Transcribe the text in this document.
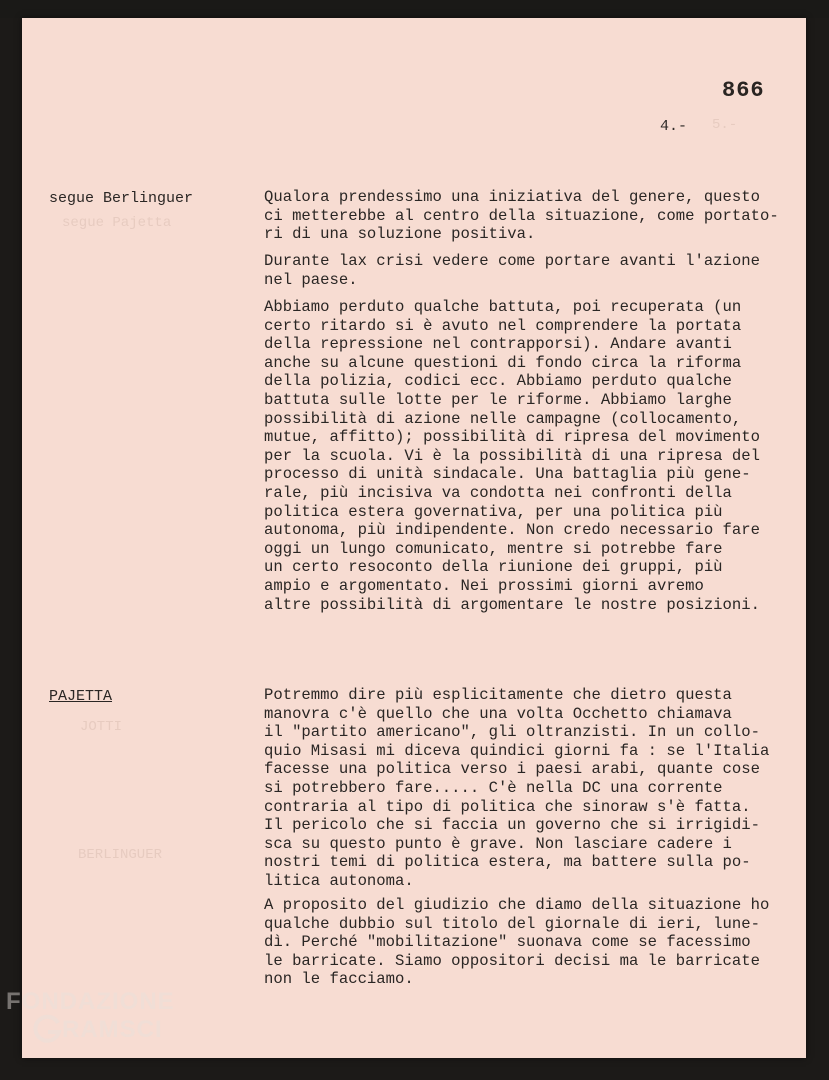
segue Pajetta
JOTTI
BERLINGUER
5.-
866
4.-
segue Berlinguer	Qualora prendessimo una iniziativa del genere, questo
ci metterebbe al centro della situazione, come portato-
ri di una soluzione positiva.

Durante lax crisi vedere come portare avanti l'azione
nel paese.

Abbiamo perduto qualche battuta, poi recuperata (un
certo ritardo si è avuto nel comprendere la portata
della repressione nel contrapporsi). Andare avanti
anche su alcune questioni di fondo circa la riforma
della polizia, codici ecc. Abbiamo perduto qualche
battuta sulle lotte per le riforme. Abbiamo larghe
possibilità di azione nelle campagne (collocamento,
mutue, affitto); possibilità di ripresa del movimento
per la scuola. Vi è la possibilità di una ripresa del
processo di unità sindacale. Una battaglia più gene-
rale, più incisiva va condotta nei confronti della
politica estera governativa, per una politica più
autonoma, più indipendente. Non credo necessario fare
oggi un lungo comunicato, mentre si potrebbe fare
un certo resoconto della riunione dei gruppi, più
ampio e argomentato. Nei prossimi giorni avremo
altre possibilità di argomentare le nostre posizioni.

PAJETTA	Potremmo dire più esplicitamente che dietro questa
manovra c'è quello che una volta Occhetto chiamava
il "partito americano", gli oltranzisti. In un collo-
quio Misasi mi diceva quindici giorni fa : se l'Italia
facesse una politica verso i paesi arabi, quante cose
si potrebbero fare..... C'è nella DC una corrente
contraria al tipo di politica che sinoraw s'è fatta.
Il pericolo che si faccia un governo che si irrigidi-
sca su questo punto è grave. Non lasciare cadere i
nostri temi di politica estera, ma battere sulla po-
litica autonoma.

A proposito del giudizio che diamo della situazione ho
qualche dubbio sul titolo del giornale di ieri, lune-
dì. Perché "mobilitazione" suonava come se facessimo
le barricate. Siamo oppositori decisi ma le barricate
non le facciamo.

FONDAZIONE
RAMSCI
